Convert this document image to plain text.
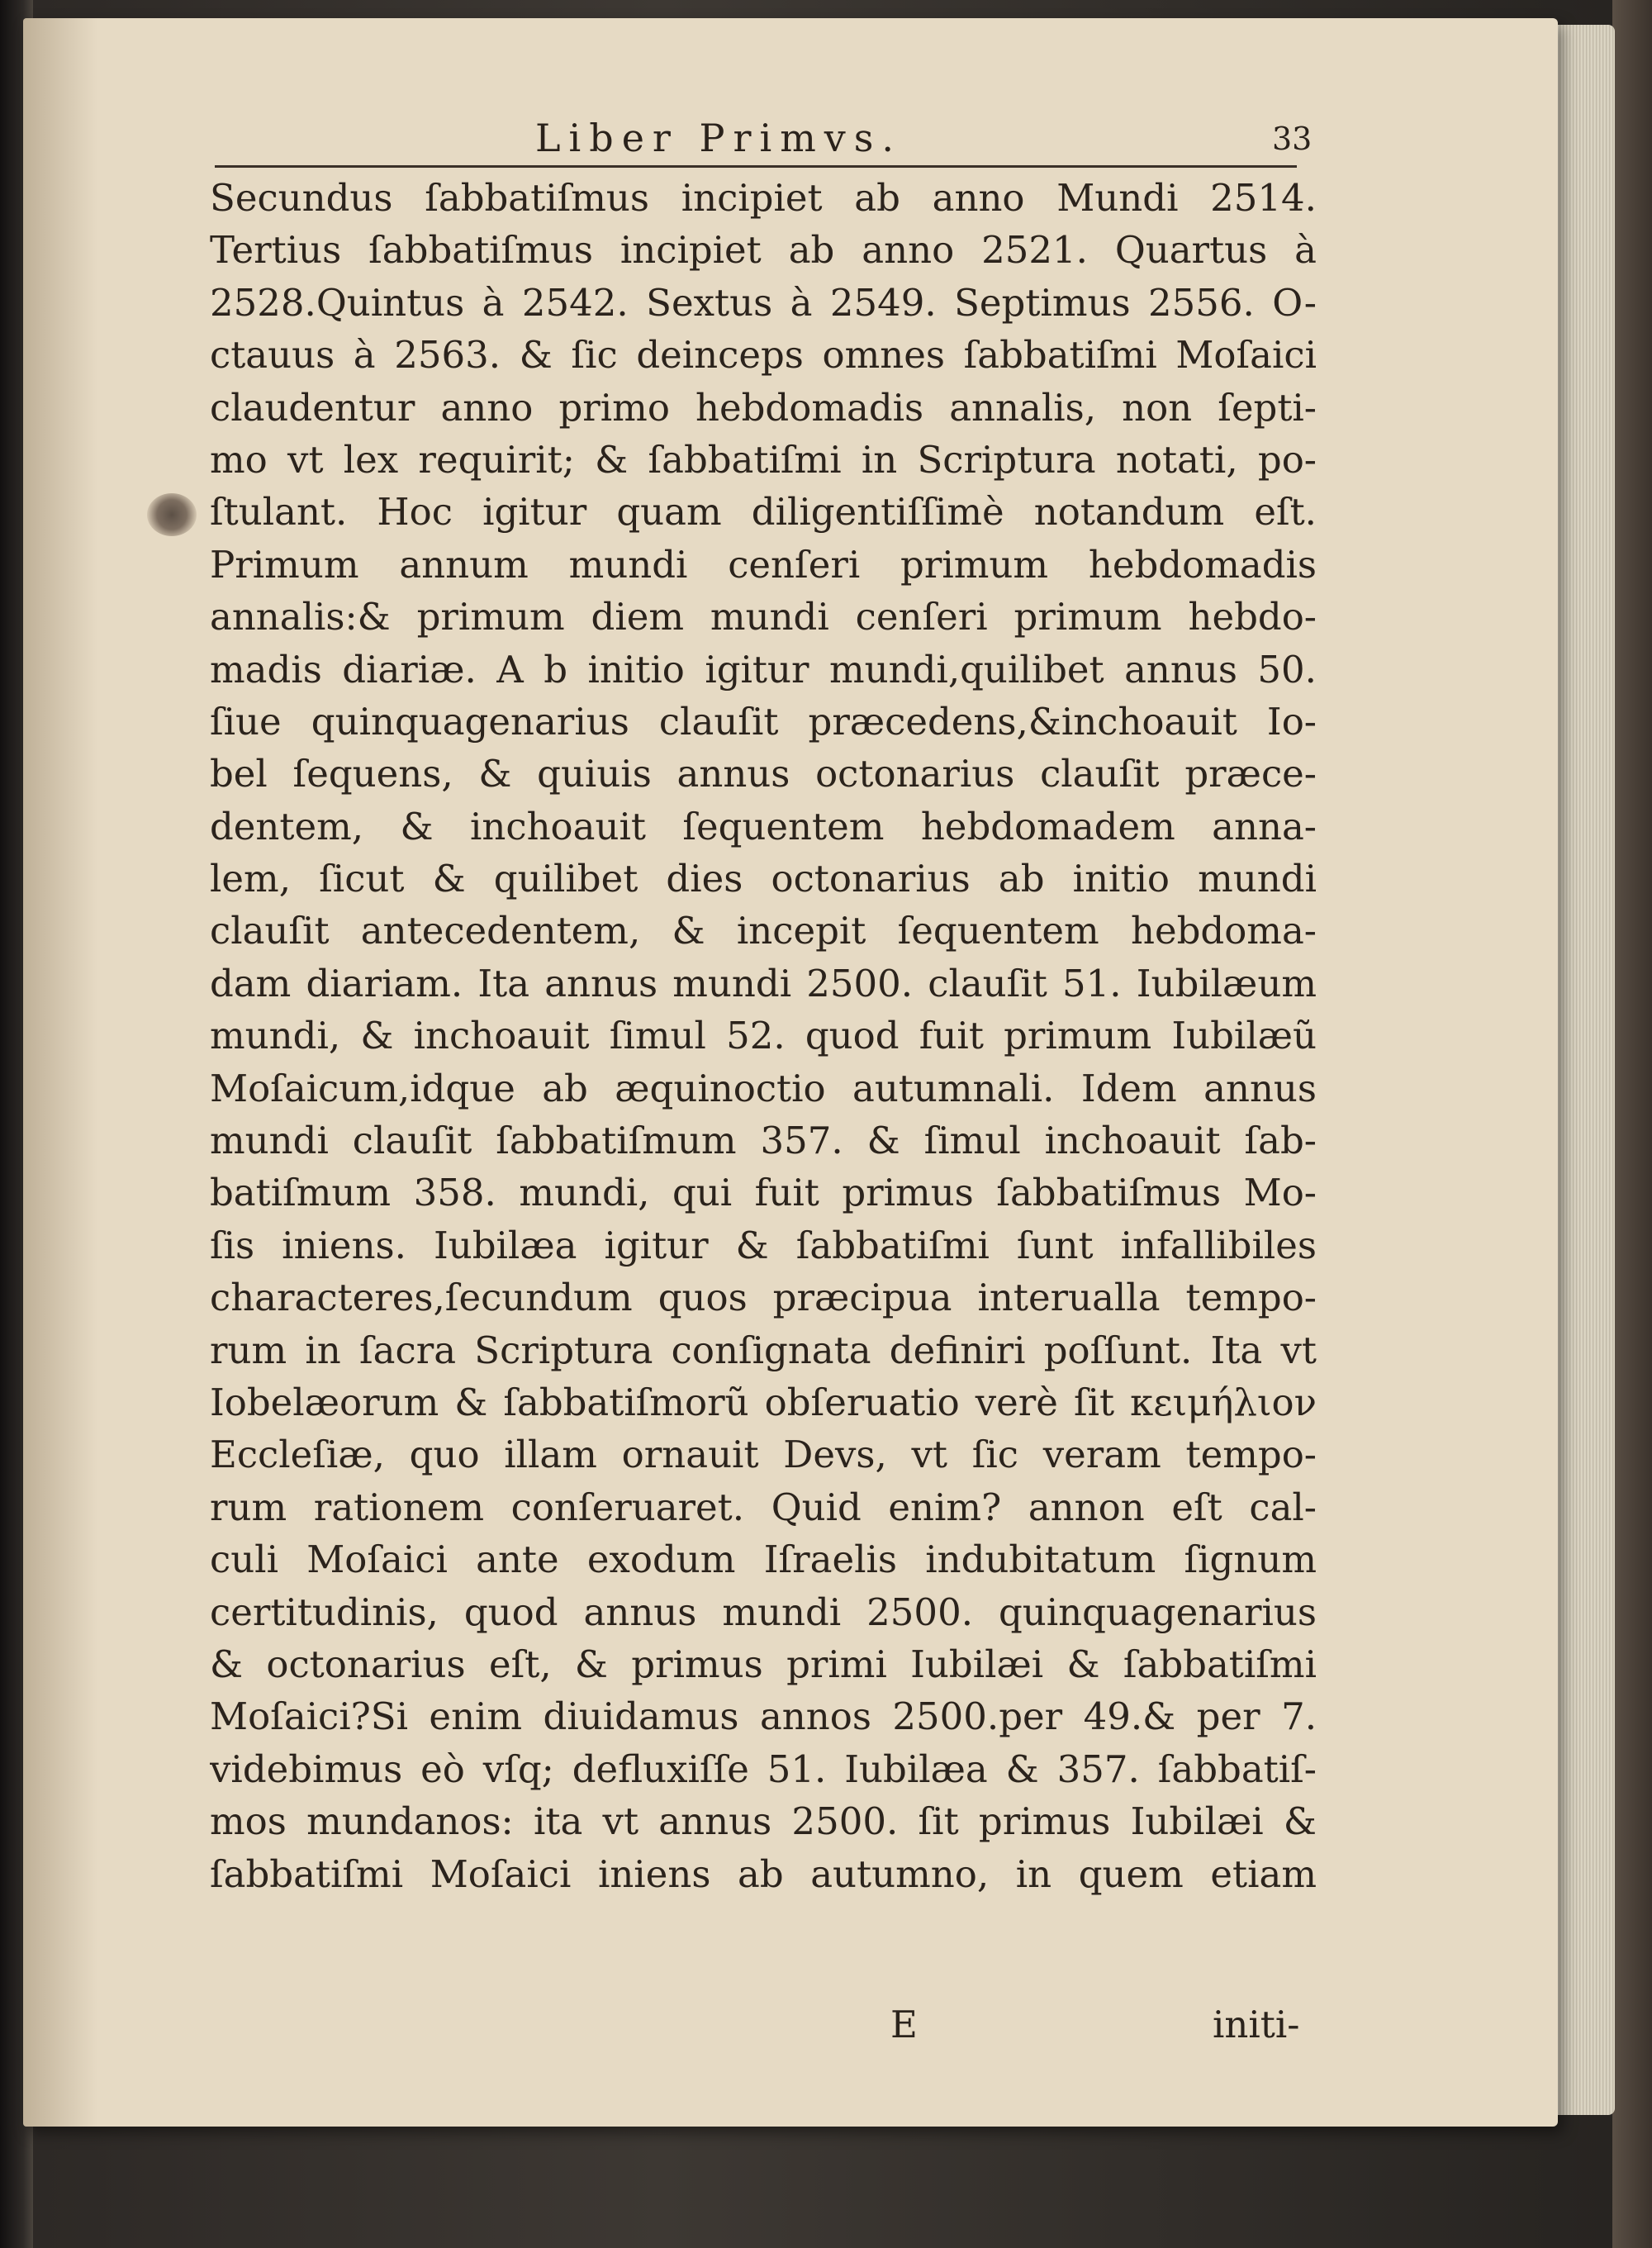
Liber Primvs.	33
Secundus ſabbatiſmus incipiet ab anno Mundi 2514.
Tertius ſabbatiſmus incipiet ab anno 2521. Quartus à
2528.Quintus à 2542. Sextus à 2549. Septimus 2556. O-
ctauus à 2563. & ſic deinceps omnes ſabbatiſmi Moſaici
claudentur anno primo hebdomadis annalis, non ſepti-
mo vt lex requirit; & ſabbatiſmi in Scriptura notati, po-
ſtulant. Hoc igitur quam diligentiſſimè notandum eſt.
Primum annum mundi cenſeri primum hebdomadis
annalis:& primum diem mundi cenſeri primum hebdo-
madis diariæ. A b initio igitur mundi,quilibet annus 50.
ſiue quinquagenarius clauſit præcedens,&inchoauit Io-
bel ſequens, & quiuis annus octonarius clauſit præce-
dentem, & inchoauit ſequentem hebdomadem anna-
lem, ſicut & quilibet dies octonarius ab initio mundi
clauſit antecedentem, & incepit ſequentem hebdoma-
dam diariam. Ita annus mundi 2500. clauſit 51. Iubilæum
mundi, & inchoauit ſimul 52. quod fuit primum Iubilæũ
Moſaicum,idque ab æquinoctio autumnali. Idem annus
mundi clauſit ſabbatiſmum 357. & ſimul inchoauit ſab-
batiſmum 358. mundi, qui fuit primus ſabbatiſmus Mo-
ſis iniens. Iubilæa igitur & ſabbatiſmi ſunt infallibiles
characteres,ſecundum quos præcipua interualla tempo-
rum in ſacra Scriptura conſignata definiri poſſunt. Ita vt
Iobelæorum & ſabbatiſmorũ obſeruatio verè ſit κειμήλιον
Eccleſiæ, quo illam ornauit Devs, vt ſic veram tempo-
rum rationem conſeruaret. Quid enim? annon eſt cal-
culi Moſaici ante exodum Iſraelis indubitatum ſignum
certitudinis, quod annus mundi 2500. quinquagenarius
& octonarius eſt, & primus primi Iubilæi & ſabbatiſmi
Moſaici?Si enim diuidamus annos 2500.per 49.& per 7.
videbimus eò vſq; defluxiſſe 51. Iubilæa & 357. ſabbatiſ-
mos mundanos: ita vt annus 2500. ſit primus Iubilæi &
ſabbatiſmi Moſaici iniens ab autumno, in quem etiam
E	initi-
